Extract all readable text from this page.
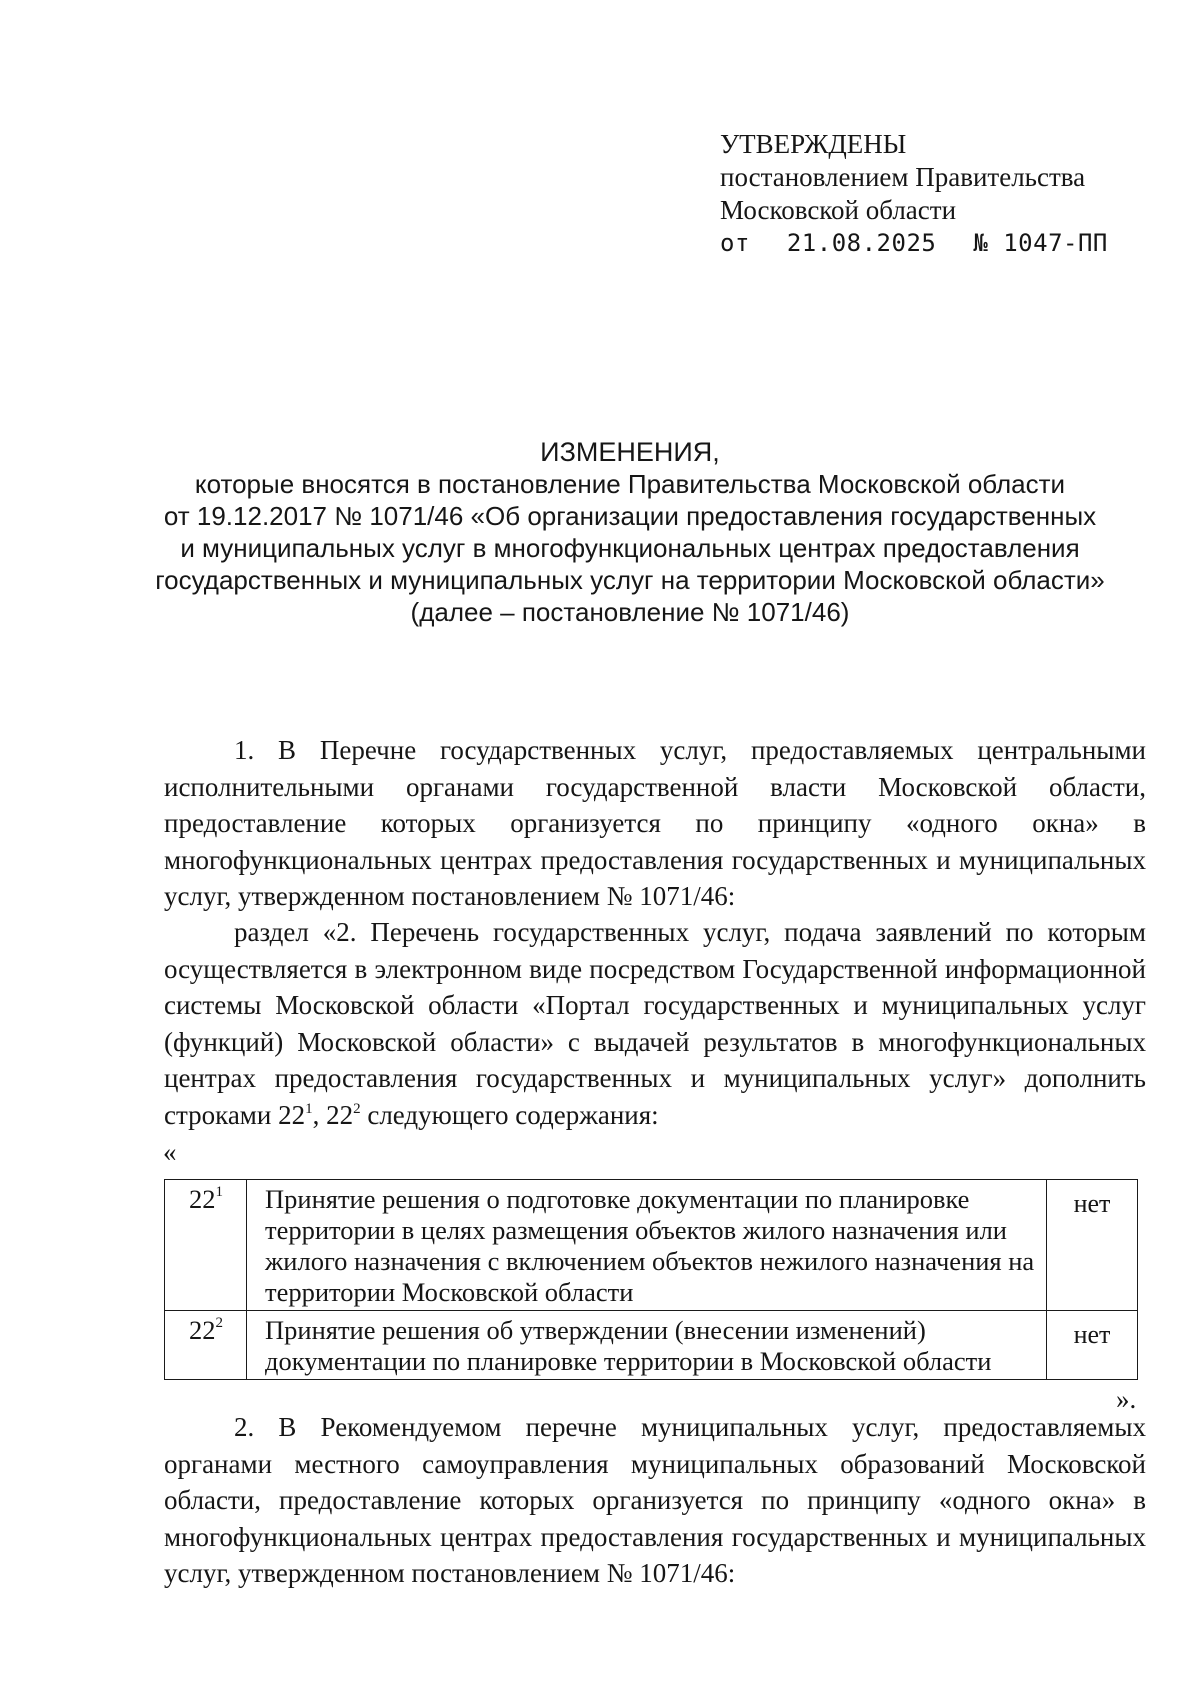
УТВЕРЖДЕНЫ
постановлением Правительства
Московской области
от 21.08.2025 № 1047-ПП
ИЗМЕНЕНИЯ,
которые вносятся в постановление Правительства Московской области
от 19.12.2017 № 1071/46 «Об организации предоставления государственных
и муниципальных услуг в многофункциональных центрах предоставления
государственных и муниципальных услуг на территории Московской области»
(далее – постановление № 1071/46)
1. В Перечне государственных услуг, предоставляемых центральными исполнительными органами государственной власти Московской области, предоставление которых организуется по принципу «одного окна» в многофункциональных центрах предоставления государственных и муниципальных услуг, утвержденном постановлением № 1071/46:
раздел «2. Перечень государственных услуг, подача заявлений по которым осуществляется в электронном виде посредством Государственной информационной системы Московской области «Портал государственных и муниципальных услуг (функций) Московской области» с выдачей результатов в многофункциональных центрах предоставления государственных и муниципальных услуг» дополнить строками $22^1$, $22^2$ следующего содержания:
«
$22^1$	Принятие решения о подготовке документации по планировке территории в целях размещения объектов жилого назначения или жилого назначения с включением объектов нежилого назначения на территории Московской области	нет
$22^2$	Принятие решения об утверждении (внесении изменений) документации по планировке территории в Московской области	нет
».
2. В Рекомендуемом перечне муниципальных услуг, предоставляемых органами местного самоуправления муниципальных образований Московской области, предоставление которых организуется по принципу «одного окна» в многофункциональных центрах предоставления государственных и муниципальных услуг, утвержденном постановлением № 1071/46:
